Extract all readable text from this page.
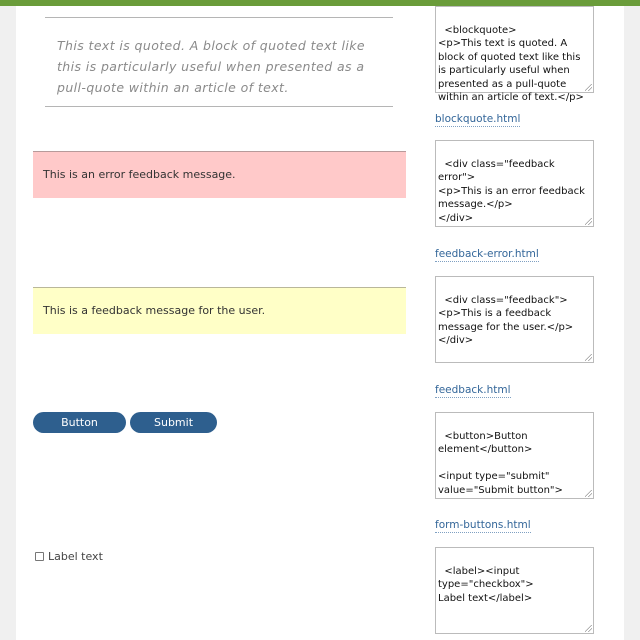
This text is quoted. A block of quoted text like this is particularly useful when presented as a pull-quote within an article of text.

<blockquote>
<p>This text is quoted. A block of quoted text like this is particularly useful when presented as a pull-quote within an article of text.</p>

blockquote.html

This is an error feedback message.

<div class="feedback error">
<p>This is an error feedback message.</p>
</div>

feedback-error.html

This is a feedback message for the user.

<div class="feedback">
<p>This is a feedback message for the user.</p>
</div>

feedback.html
Button element
Submit button

<button>Button element</button>

<input type="submit" value="Submit button">

form-buttons.html
Label text

<label><input type="checkbox">
Label text</label>
